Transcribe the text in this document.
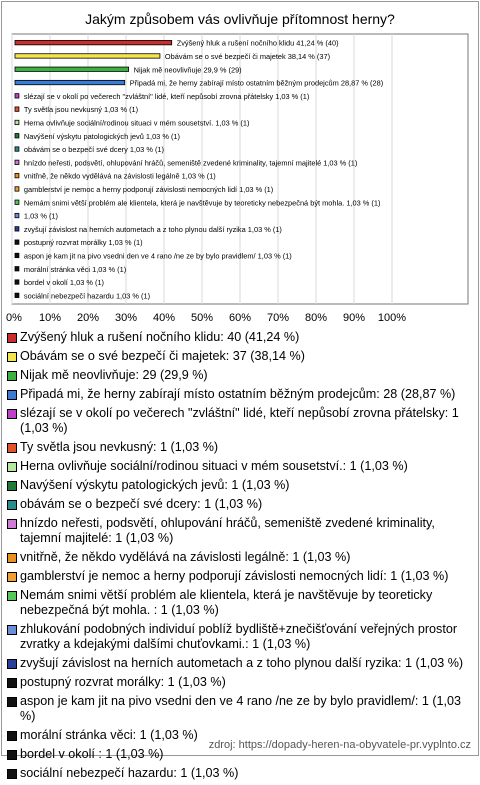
Jakým způsobem vás ovlivňuje přítomnost herny?
0% 10% 20% 30% 40% 50% 60% 70% 80% 90% 100%
Zvýšený hluk a rušení nočního klidu 41,24 % (40)
Obávám se o své bezpečí či majetek 38,14 % (37)
Nijak mě neovlivňuje 29,9 % (29)
Připadá mi, že herny zabírají místo ostatním běžným prodejcům 28,87 % (28)
slézají se v okolí po večerech "zvláštní" lidé, kteří nepůsobí zrovna přátelsky 1,03 % (1)
Ty světla jsou nevkusný 1,03 % (1)
Herna ovlivňuje sociální/rodinou situaci v mém sousetství. 1,03 % (1)
Navýšení výskytu patologických jevů 1,03 % (1)
obávám se o bezpečí své dcery 1,03 % (1)
hnízdo neřesti, podsvětí, ohlupování hráčů, semeniště zvedené kriminality, tajemní majitelé 1,03 % (1)
vnitřně, že někdo vydělává na závislosti legálně 1,03 % (1)
gamblerství je nemoc a herny podporují závislosti nemocných lidí 1,03 % (1)
Nemám snimi větší problém ale klientela, která je navštěvuje by teoreticky nebezpečná být mohla. 1,03 % (1)
1,03 % (1)
zvyšují závislost na herních autometach a z toho plynou další ryzika 1,03 % (1)
postupný rozvrat morálky 1,03 % (1)
aspon je kam jit na pivo vsedni den ve 4 rano /ne ze by bylo pravidlem/ 1,03 % (1)
morální stránka věci 1,03 % (1)
bordel v okolí 1,03 % (1)
sociální nebezpečí hazardu 1,03 % (1)
Zvýšený hluk a rušení nočního klidu: 40 (41,24 %)
Obávám se o své bezpečí či majetek: 37 (38,14 %)
Nijak mě neovlivňuje: 29 (29,9 %)
Připadá mi, že herny zabírají místo ostatním běžným prodejcům: 28 (28,87 %)
slézají se v okolí po večerech "zvláštní" lidé, kteří nepůsobí zrovna přátelsky: 1 (1,03 %)
Ty světla jsou nevkusný: 1 (1,03 %)
Herna ovlivňuje sociální/rodinou situaci v mém sousetství.: 1 (1,03 %)
Navýšení výskytu patologických jevů: 1 (1,03 %)
obávám se o bezpečí své dcery: 1 (1,03 %)
hnízdo neřesti, podsvětí, ohlupování hráčů, semeniště zvedené kriminality, tajemní majitelé: 1 (1,03 %)
vnitřně, že někdo vydělává na závislosti legálně: 1 (1,03 %)
gamblerství je nemoc a herny podporují závislosti nemocných lidí: 1 (1,03 %)
Nemám snimi větší problém ale klientela, která je navštěvuje by teoreticky nebezpečná být mohla. : 1 (1,03 %)
zhlukování podobných individuí poblíž bydliště+znečišťování veřejných prostor zvratky a kdejakými dalšími chuťovkami.: 1 (1,03 %)
zvyšují závislost na herních autometach a z toho plynou další ryzika: 1 (1,03 %)
postupný rozvrat morálky: 1 (1,03 %)
aspon je kam jit na pivo vsedni den ve 4 rano /ne ze by bylo pravidlem/: 1 (1,03 %)
morální stránka věci: 1 (1,03 %)
bordel v okolí : 1 (1,03 %)
sociální nebezpečí hazardu: 1 (1,03 %)
zdroj: https://dopady-heren-na-obyvatele-pr.vyplnto.cz
